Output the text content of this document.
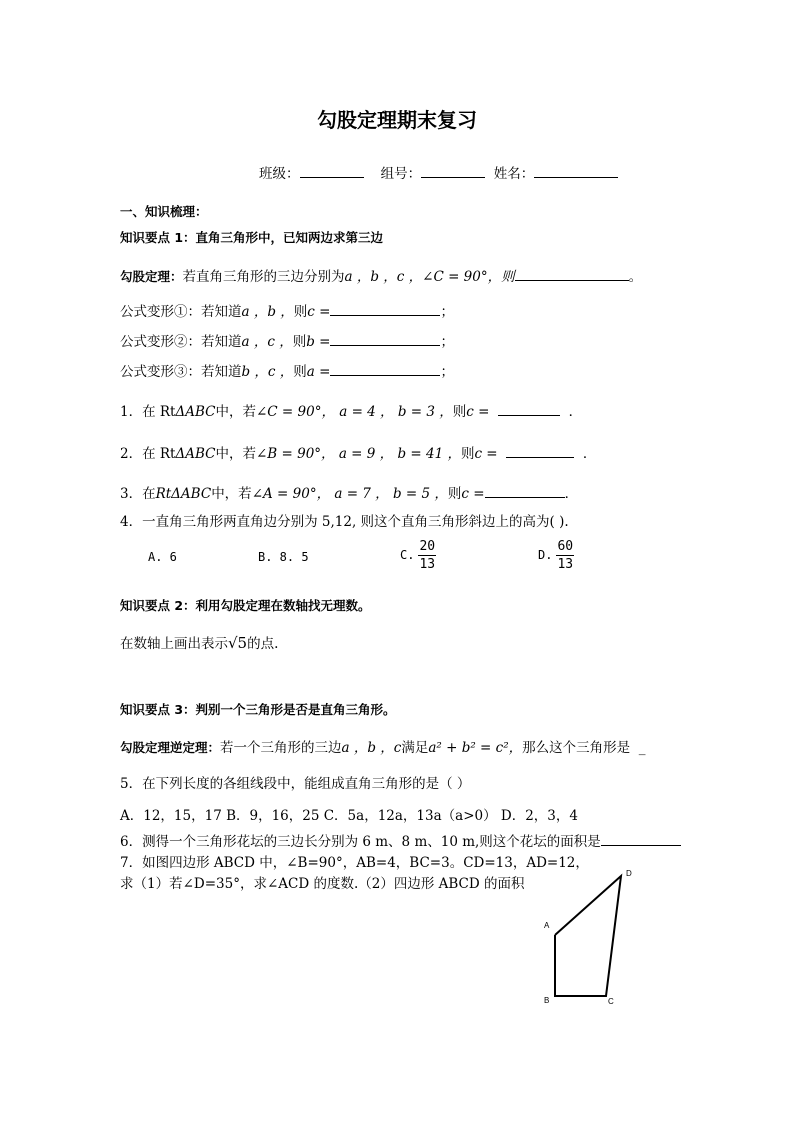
勾股定理期末复习
班级：	组号：	姓名：
一、知识梳理：
知识要点 1：直角三角形中，已知两边求第三边
勾股定理：若直角三角形的三边分别为a ，b ，c ，∠C = 90°，则	。
公式变形①：若知道a ，b ，则c =	；
公式变形②：若知道a ，c ，则b =	；
公式变形③：若知道b ，c ，则a =	；
1．在 RtΔABC中，若∠C = 90°， a = 4 ， b = 3 ，则c =	．
2．在 RtΔABC中，若∠B = 90°， a = 9 ， b = 41 ，则c =	．
3．在RtΔABC中，若∠A = 90°， a = 7 ， b = 5 ，则c =	．
4．一直角三角形两直角边分别为 5,12, 则这个直角三角形斜边上的高为( ).
A. 6	B. 8. 5	C. $\frac{20}{13}$	D. $\frac{60}{13}$
知识要点 2：利用勾股定理在数轴找无理数。
在数轴上画出表示√5的点.
知识要点 3：判别一个三角形是否是直角三角形。
勾股定理逆定理：若一个三角形的三边a ，b ，c满足a² + b² = c²，那么这个三角形是 _
5．在下列长度的各组线段中，能组成直角三角形的是（ ）
A．12，15，17 B．9，16，25 C．5a，12a，13a（a>0） D．2，3，4
6．测得一个三角形花坛的三边长分别为 6 m、8 m、10 m,则这个花坛的面积是
7．如图四边形 ABCD 中，∠B=90°，AB=4，BC=3。CD=13，AD=12，
求（1）若∠D=35°，求∠ACD 的度数.（2）四边形 ABCD 的面积
A
B	C
D
